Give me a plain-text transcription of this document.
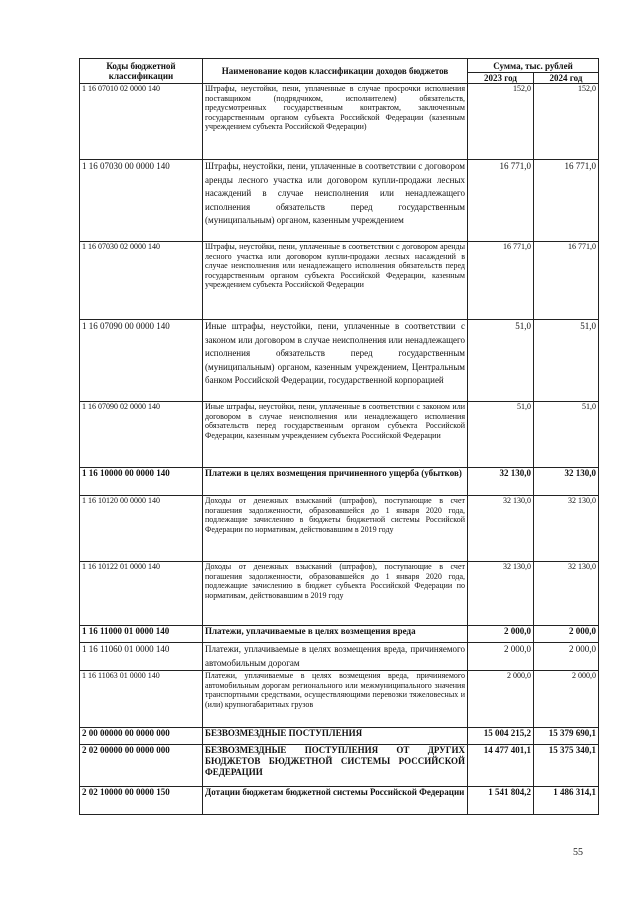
Коды бюджетной классификации	Наименование кодов классификации доходов бюджетов	Сумма, тыс. рублей	
		2023 год	2024 год
1 16 07010 02 0000 140	Штрафы, неустойки, пени, уплаченные в случае просрочки исполнения поставщиком (подрядчиком, исполнителем) обязательств, предусмотренных государственным контрактом, заключенным государственным органом субъекта Российской Федерации (казенным учреждением субъекта Российской Федерации)	152,0	152,0
1 16 07030 00 0000 140	Штрафы, неустойки, пени, уплаченные в соответствии с договором аренды лесного участка или договором купли-продажи лесных насаждений в случае неисполнения или ненадлежащего исполнения обязательств перед государственным (муниципальным) органом, казенным учреждением	16 771,0	16 771,0
1 16 07030 02 0000 140	Штрафы, неустойки, пени, уплаченные в соответствии с договором аренды лесного участка или договором купли-продажи лесных насаждений в случае неисполнения или ненадлежащего исполнения обязательств перед государственным органом субъекта Российской Федерации, казенным учреждением субъекта Российской Федерации	16 771,0	16 771,0
1 16 07090 00 0000 140	Иные штрафы, неустойки, пени, уплаченные в соответствии с законом или договором в случае неисполнения или ненадлежащего исполнения обязательств перед государственным (муниципальным) органом, казенным учреждением, Центральным банком Российской Федерации, государственной корпорацией	51,0	51,0
1 16 07090 02 0000 140	Иные штрафы, неустойки, пени, уплаченные в соответствии с законом или договором в случае неисполнения или ненадлежащего исполнения обязательств перед государственным органом субъекта Российской Федерации, казенным учреждением субъекта Российской Федерации	51,0	51,0
1 16 10000 00 0000 140	Платежи в целях возмещения причиненного ущерба (убытков)	32 130,0	32 130,0
1 16 10120 00 0000 140	Доходы от денежных взысканий (штрафов), поступающие в счет погашения задолженности, образовавшейся до 1 января 2020 года, подлежащие зачислению в бюджеты бюджетной системы Российской Федерации по нормативам, действовавшим в 2019 году	32 130,0	32 130,0
1 16 10122 01 0000 140	Доходы от денежных взысканий (штрафов), поступающие в счет погашения задолженности, образовавшейся до 1 января 2020 года, подлежащие зачислению в бюджет субъекта Российской Федерации по нормативам, действовавшим в 2019 году	32 130,0	32 130,0
1 16 11000 01 0000 140	Платежи, уплачиваемые в целях возмещения вреда	2 000,0	2 000,0
1 16 11060 01 0000 140	Платежи, уплачиваемые в целях возмещения вреда, причиняемого автомобильным дорогам	2 000,0	2 000,0
1 16 11063 01 0000 140	Платежи, уплачиваемые в целях возмещения вреда, причиняемого автомобильным дорогам регионального или межмуниципального значения транспортными средствами, осуществляющими перевозки тяжеловесных и (или) крупногабаритных грузов	2 000,0	2 000,0
2 00 00000 00 0000 000	БЕЗВОЗМЕЗДНЫЕ ПОСТУПЛЕНИЯ	15 004 215,2	15 379 690,1
2 02 00000 00 0000 000	БЕЗВОЗМЕЗДНЫЕ ПОСТУПЛЕНИЯ ОТ ДРУГИХ БЮДЖЕТОВ БЮДЖЕТНОЙ СИСТЕМЫ РОССИЙСКОЙ ФЕДЕРАЦИИ	14 477 401,1	15 375 340,1
2 02 10000 00 0000 150	Дотации бюджетам бюджетной системы Российской Федерации	1 541 804,2	1 486 314,1
55
